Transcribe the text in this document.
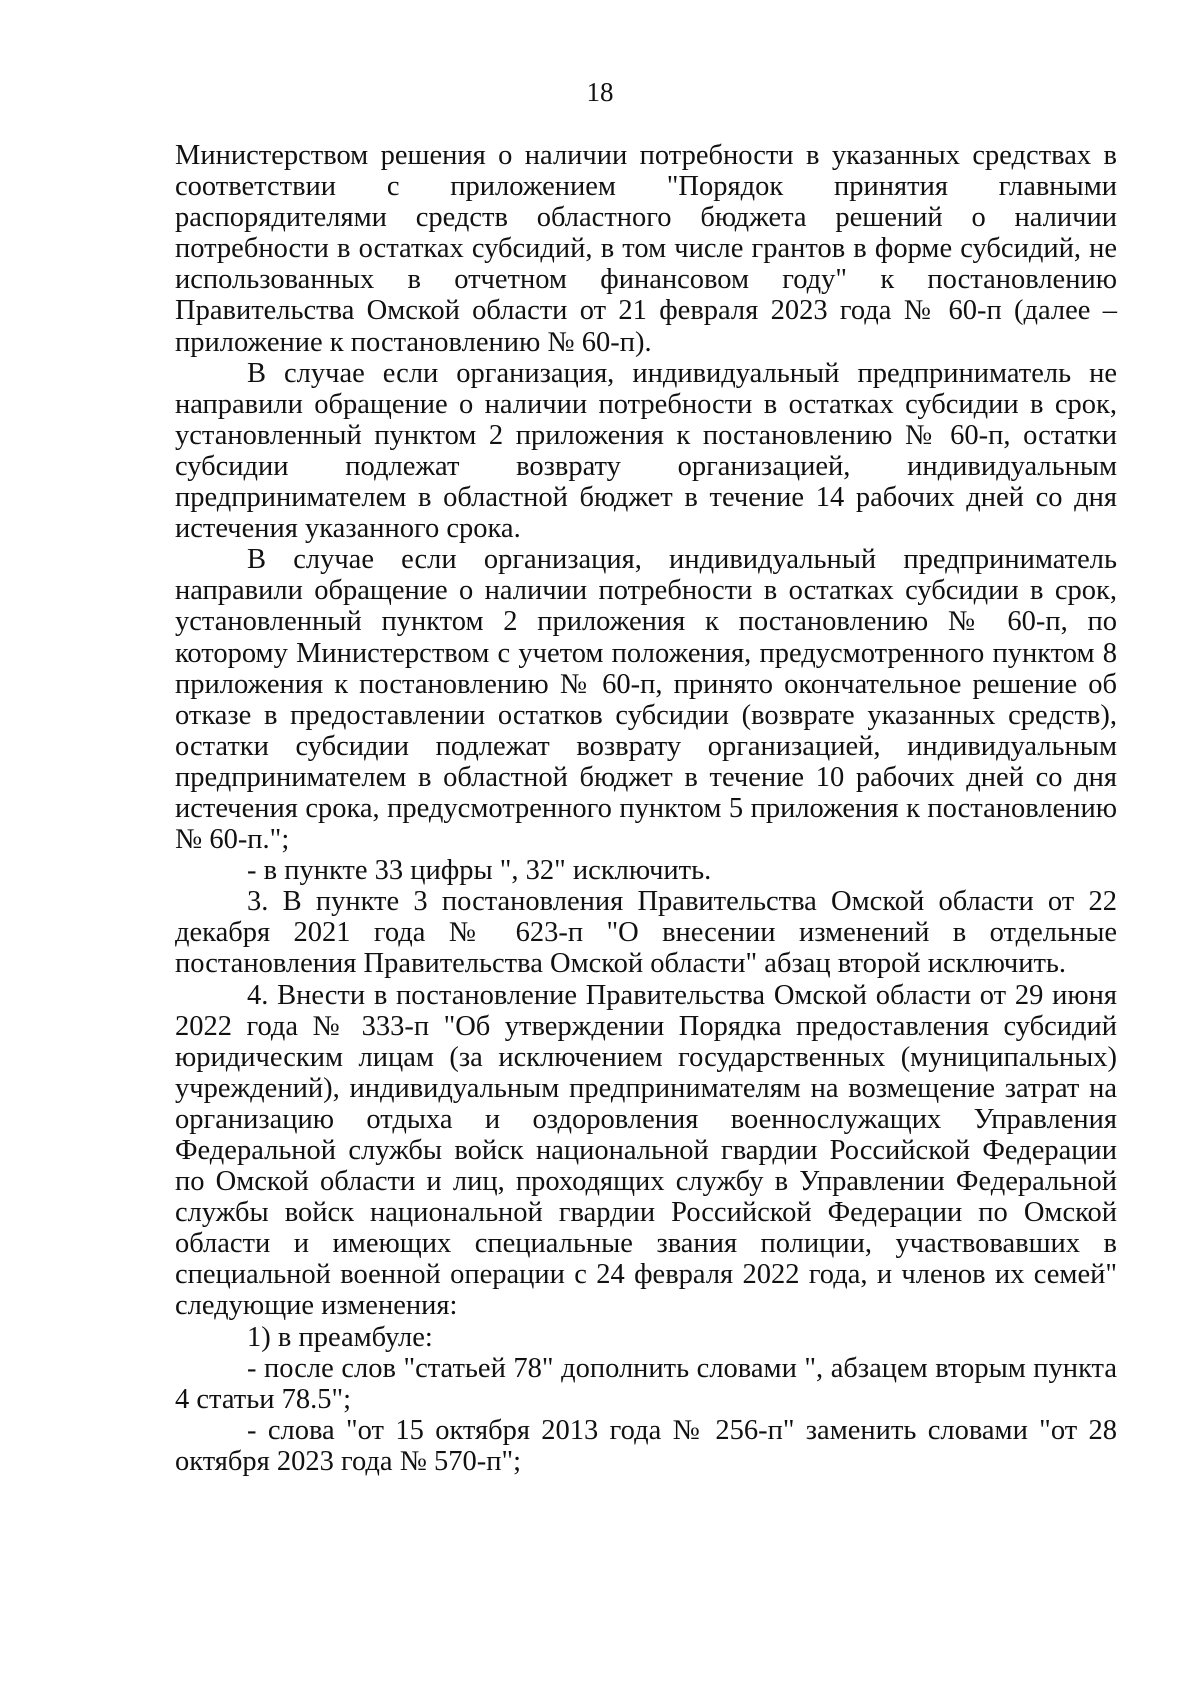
18

Министерством решения о наличии потребности в указанных средствах в соответствии с приложением "Порядок принятия главными распорядителями средств областного бюджета решений о наличии потребности в остатках субсидий, в том числе грантов в форме субсидий, не использованных в отчетном финансовом году" к постановлению Правительства Омской области от 21 февраля 2023 года № 60-п (далее – приложение к постановлению № 60-п).

В случае если организация, индивидуальный предприниматель не направили обращение о наличии потребности в остатках субсидии в срок, установленный пунктом 2 приложения к постановлению № 60-п, остатки субсидии подлежат возврату организацией, индивидуальным предпринимателем в областной бюджет в течение 14 рабочих дней со дня истечения указанного срока.

В случае если организация, индивидуальный предприниматель направили обращение о наличии потребности в остатках субсидии в срок, установленный пунктом 2 приложения к постановлению № 60-п, по которому Министерством с учетом положения, предусмотренного пунктом 8 приложения к постановлению № 60-п, принято окончательное решение об отказе в предоставлении остатков субсидии (возврате указанных средств), остатки субсидии подлежат возврату организацией, индивидуальным предпринимателем в областной бюджет в течение 10 рабочих дней со дня истечения срока, предусмотренного пунктом 5 приложения к постановлению № 60-п.";

- в пункте 33 цифры ", 32" исключить.

3. В пункте 3 постановления Правительства Омской области от 22 декабря 2021 года № 623-п "О внесении изменений в отдельные постановления Правительства Омской области" абзац второй исключить.

4. Внести в постановление Правительства Омской области от 29 июня 2022 года № 333-п "Об утверждении Порядка предоставления субсидий юридическим лицам (за исключением государственных (муниципальных) учреждений), индивидуальным предпринимателям на возмещение затрат на организацию отдыха и оздоровления военнослужащих Управления Федеральной службы войск национальной гвардии Российской Федерации по Омской области и лиц, проходящих службу в Управлении Федеральной службы войск национальной гвардии Российской Федерации по Омской области и имеющих специальные звания полиции, участвовавших в специальной военной операции с 24 февраля 2022 года, и членов их семей" следующие изменения:

1) в преамбуле:

- после слов "статьей 78" дополнить словами ", абзацем вторым пункта 4 статьи 78.5";

- слова "от 15 октября 2013 года № 256-п" заменить словами "от 28 октября 2023 года № 570-п";
